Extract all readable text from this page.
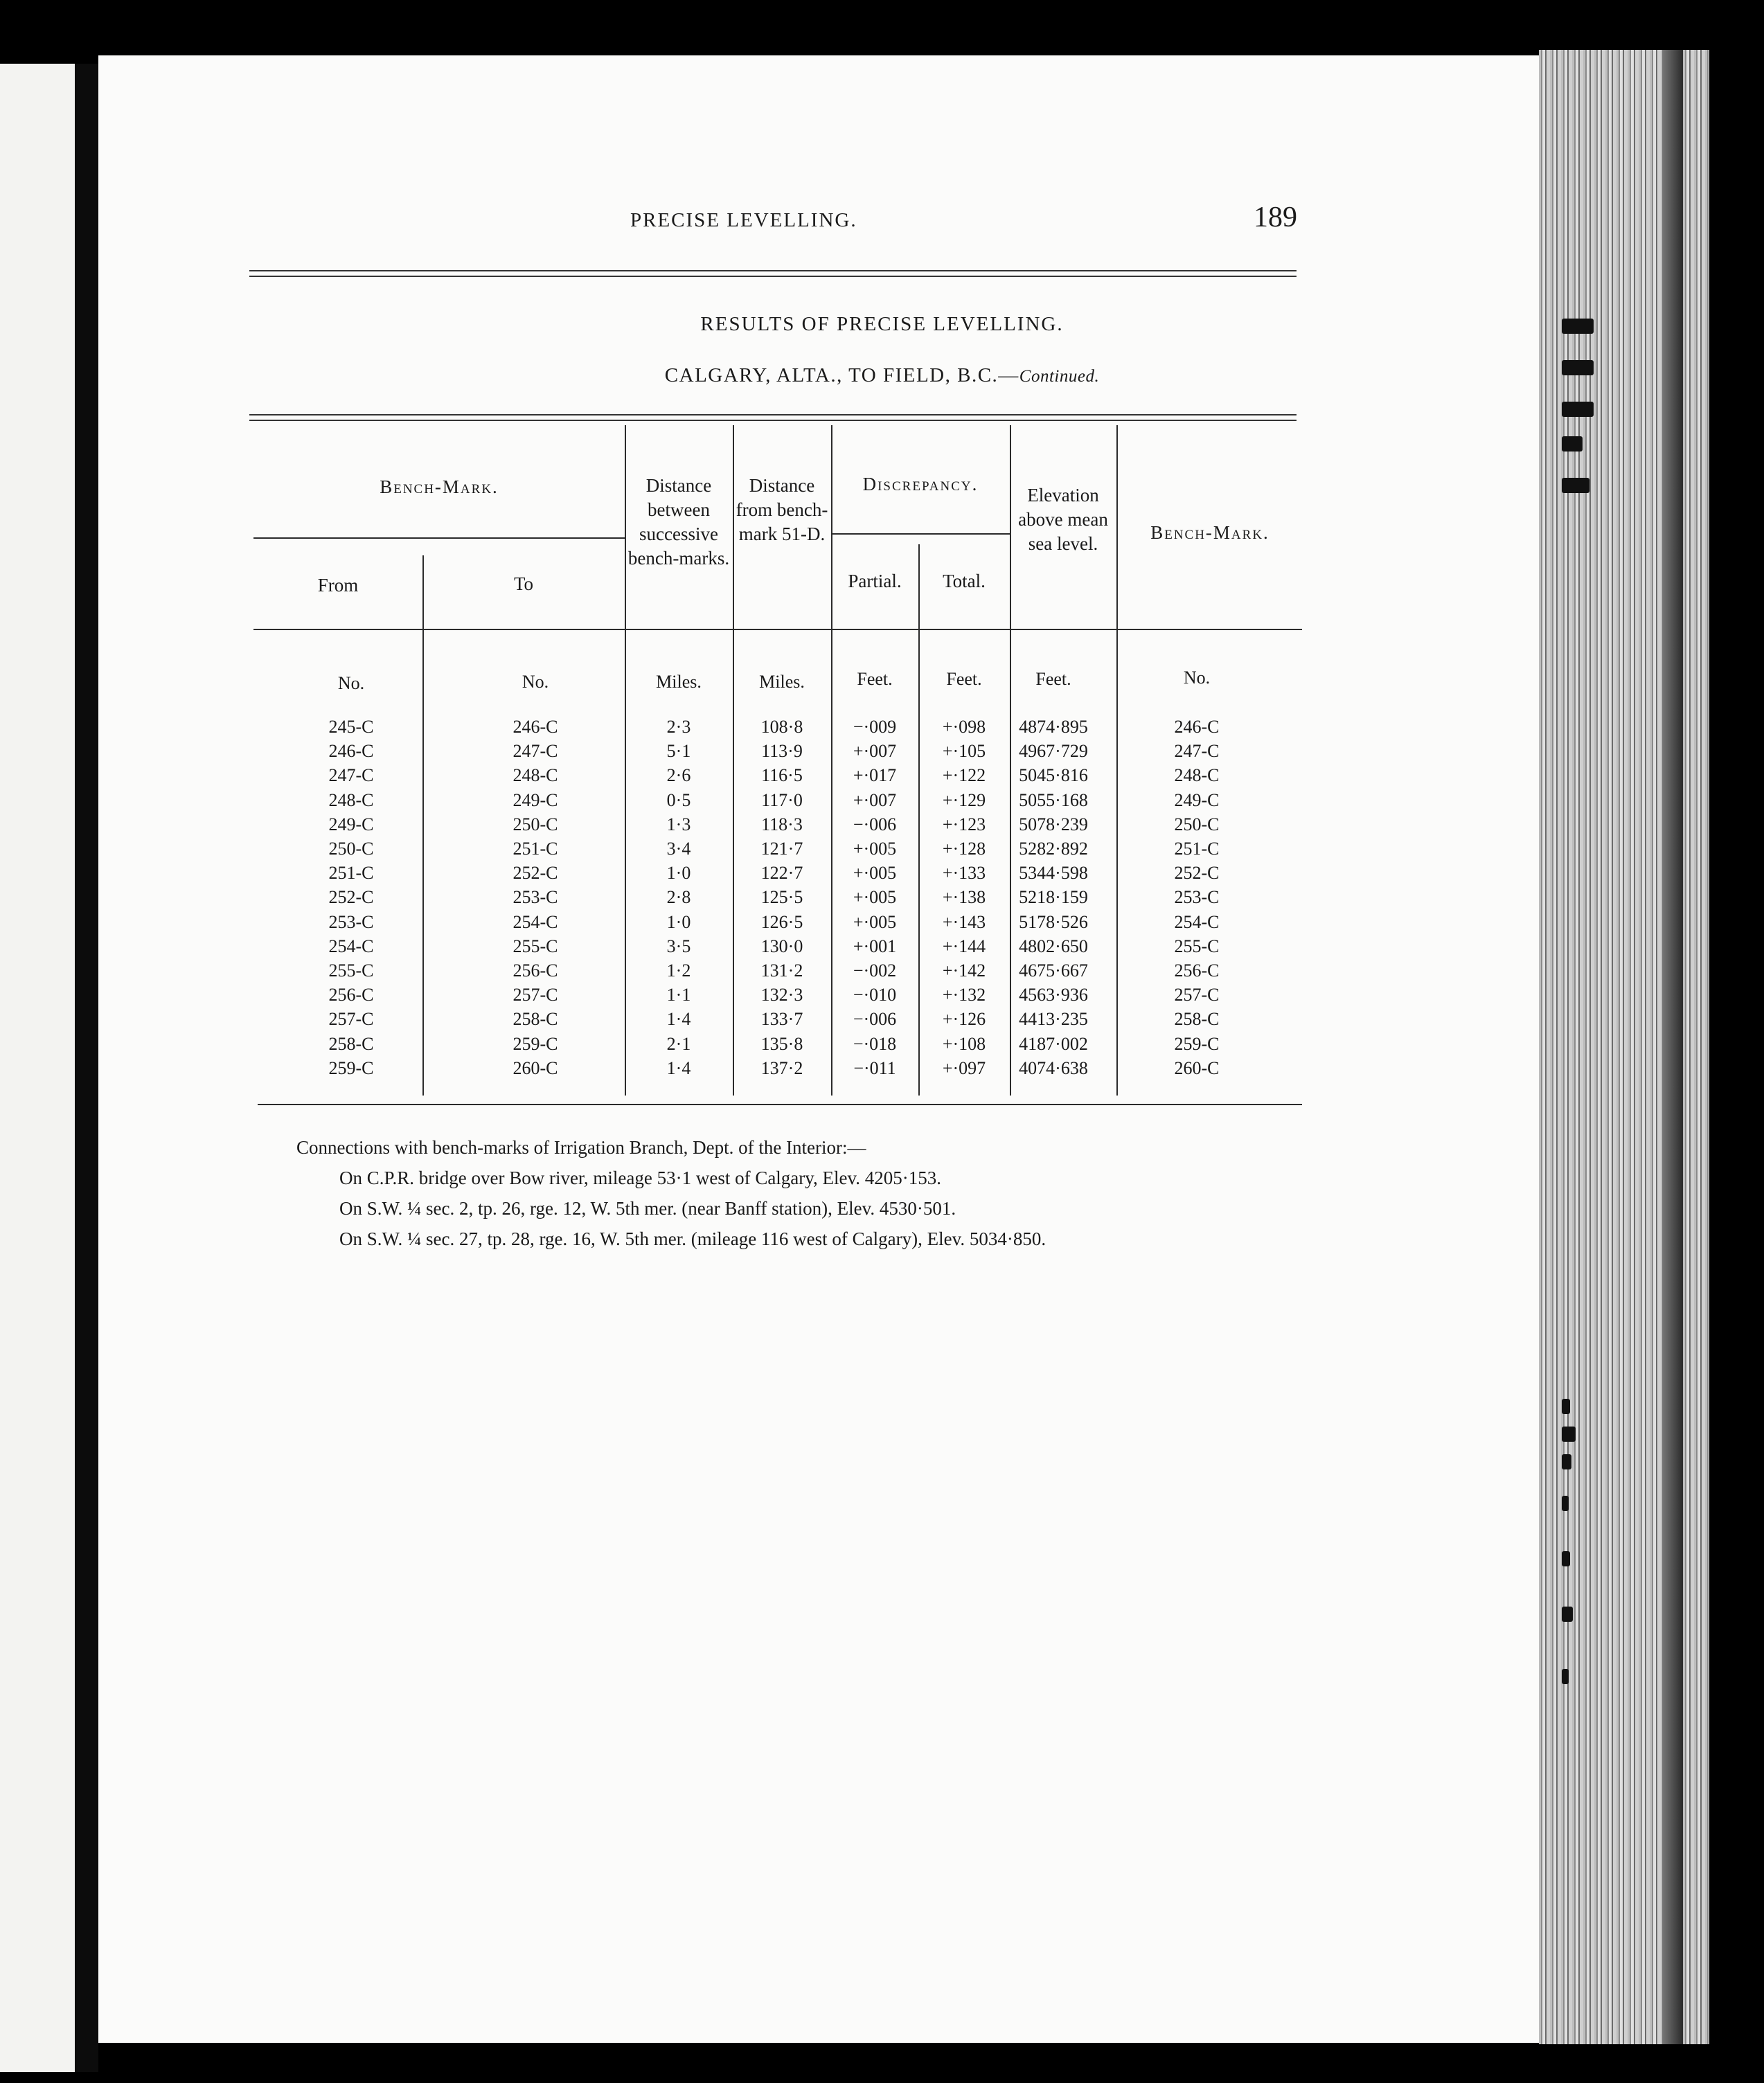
PRECISE LEVELLING.	189
RESULTS OF PRECISE LEVELLING.
CALGARY, ALTA., TO FIELD, B.C.—Continued.
Bench-Mark.
From	To
Distance between successive bench-marks.
Distance from bench-mark 51-D.
Discrepancy.
Partial.	Total.
Elevation above mean sea level.
Bench-Mark.
No.	No.	Miles.	Miles.	Feet.	Feet.	Feet.	No.
245-C	246-C	2·3	108·8	−·009	+·098	4874·895	246-C
246-C	247-C	5·1	113·9	+·007	+·105	4967·729	247-C
247-C	248-C	2·6	116·5	+·017	+·122	5045·816	248-C
248-C	249-C	0·5	117·0	+·007	+·129	5055·168	249-C
249-C	250-C	1·3	118·3	−·006	+·123	5078·239	250-C
250-C	251-C	3·4	121·7	+·005	+·128	5282·892	251-C
251-C	252-C	1·0	122·7	+·005	+·133	5344·598	252-C
252-C	253-C	2·8	125·5	+·005	+·138	5218·159	253-C
253-C	254-C	1·0	126·5	+·005	+·143	5178·526	254-C
254-C	255-C	3·5	130·0	+·001	+·144	4802·650	255-C
255-C	256-C	1·2	131·2	−·002	+·142	4675·667	256-C
256-C	257-C	1·1	132·3	−·010	+·132	4563·936	257-C
257-C	258-C	1·4	133·7	−·006	+·126	4413·235	258-C
258-C	259-C	2·1	135·8	−·018	+·108	4187·002	259-C
259-C	260-C	1·4	137·2	−·011	+·097	4074·638	260-C
Connections with bench-marks of Irrigation Branch, Dept. of the Interior:—
On C.P.R. bridge over Bow river, mileage 53·1 west of Calgary, Elev. 4205·153.
On S.W. ¼ sec. 2, tp. 26, rge. 12, W. 5th mer. (near Banff station), Elev. 4530·501.
On S.W. ¼ sec. 27, tp. 28, rge. 16, W. 5th mer. (mileage 116 west of Calgary), Elev. 5034·850.
